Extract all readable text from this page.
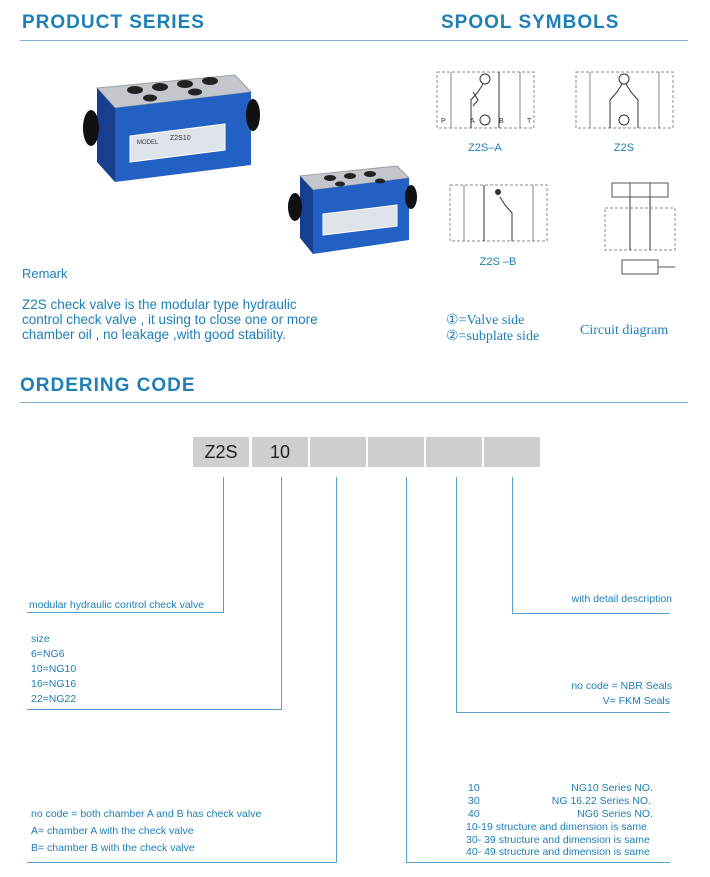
PRODUCT SERIES	SPOOL SYMBOLS
MODEL
Z2S10
Remark
Z2S check valve is the modular type hydraulic
control check valve , it using to close one or more
chamber oil , no leakage ,with good stability.
Z2S–A
P	A	B	T
Z2S
Z2S –B
①=Valve side
②=subplate side	Circuit diagram
ORDERING CODE
Z2S	10
modular hydraulic control check valve
size
6=NG6
10=NG10
16=NG16
22=NG22
no code = both chamber A and B has check valve
A= chamber A with the check valve
B= chamber B with the check valve
with detail description
no code = NBR Seals
V= FKM Seals
10	NG10 Series NO.
30	NG 16.22 Series NO.
40	NG6 Series NO.
10-19 structure and dimension is same
30- 39 structure and dimension is same
40- 49 structure and dimension is same
